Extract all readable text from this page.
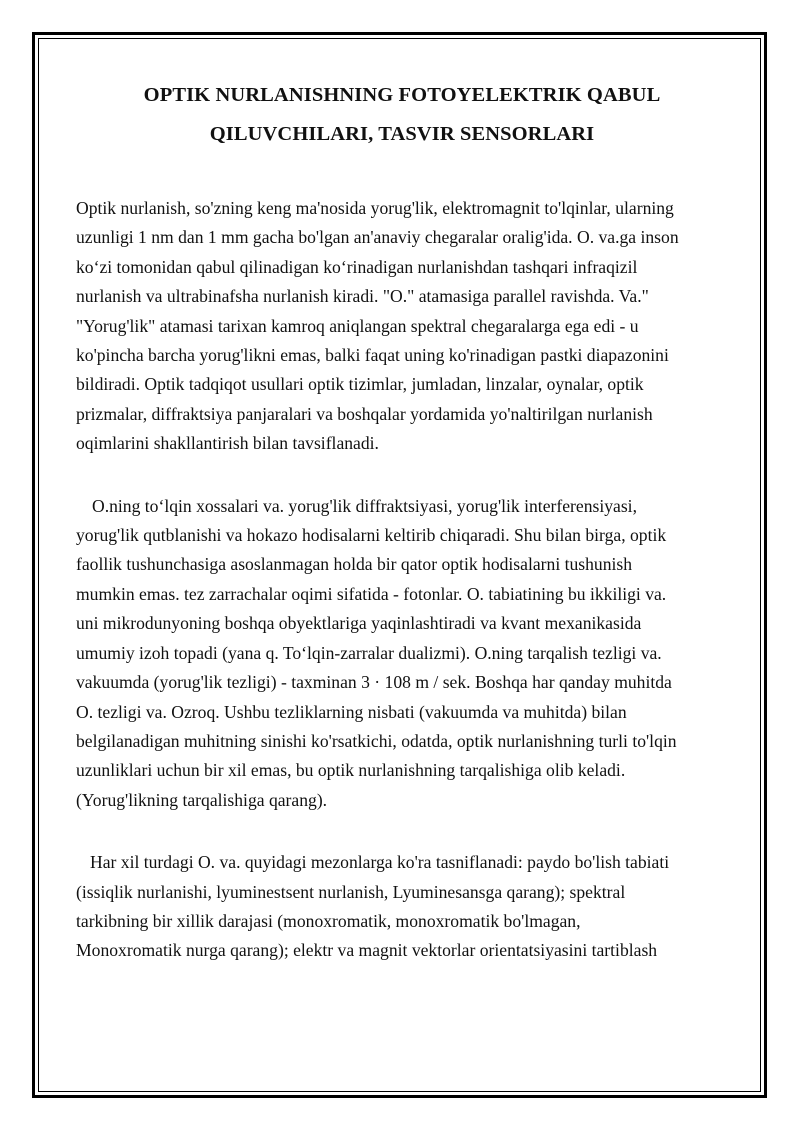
OPTIK NURLANISHNING FOTOYELEKTRIK QABUL
QILUVCHILARI, TASVIR SENSORLARI

Optik nurlanish, so'zning keng ma'nosida yorug'lik, elektromagnit to'lqinlar, ularning
uzunligi 1 nm dan 1 mm gacha bo'lgan an'anaviy chegaralar oralig'ida. O. va.ga inson
ko‘zi tomonidan qabul qilinadigan ko‘rinadigan nurlanishdan tashqari infraqizil
nurlanish va ultrabinafsha nurlanish kiradi. "O." atamasiga parallel ravishda. Va."
"Yorug'lik" atamasi tarixan kamroq aniqlangan spektral chegaralarga ega edi - u
ko'pincha barcha yorug'likni emas, balki faqat uning ko'rinadigan pastki diapazonini
bildiradi. Optik tadqiqot usullari optik tizimlar, jumladan, linzalar, oynalar, optik
prizmalar, diffraktsiya panjaralari va boshqalar yordamida yo'naltirilgan nurlanish
oqimlarini shakllantirish bilan tavsiflanadi.

O.ning to‘lqin xossalari va. yorug'lik diffraktsiyasi, yorug'lik interferensiyasi,
yorug'lik qutblanishi va hokazo hodisalarni keltirib chiqaradi. Shu bilan birga, optik
faollik tushunchasiga asoslanmagan holda bir qator optik hodisalarni tushunish
mumkin emas. tez zarrachalar oqimi sifatida - fotonlar. O. tabiatining bu ikkiligi va.
uni mikrodunyoning boshqa obyektlariga yaqinlashtiradi va kvant mexanikasida
umumiy izoh topadi (yana q. To‘lqin-zarralar dualizmi). O.ning tarqalish tezligi va.
vakuumda (yorug'lik tezligi) - taxminan 3 · 108 m / sek. Boshqa har qanday muhitda
O. tezligi va. Ozroq. Ushbu tezliklarning nisbati (vakuumda va muhitda) bilan
belgilanadigan muhitning sinishi ko'rsatkichi, odatda, optik nurlanishning turli to'lqin
uzunliklari uchun bir xil emas, bu optik nurlanishning tarqalishiga olib keladi.
(Yorug'likning tarqalishiga qarang).

Har xil turdagi O. va. quyidagi mezonlarga ko'ra tasniflanadi: paydo bo'lish tabiati
(issiqlik nurlanishi, lyuminestsent nurlanish, Lyuminesansga qarang); spektral
tarkibning bir xillik darajasi (monoxromatik, monoxromatik bo'lmagan,
Monoxromatik nurga qarang); elektr va magnit vektorlar orientatsiyasini tartiblash
